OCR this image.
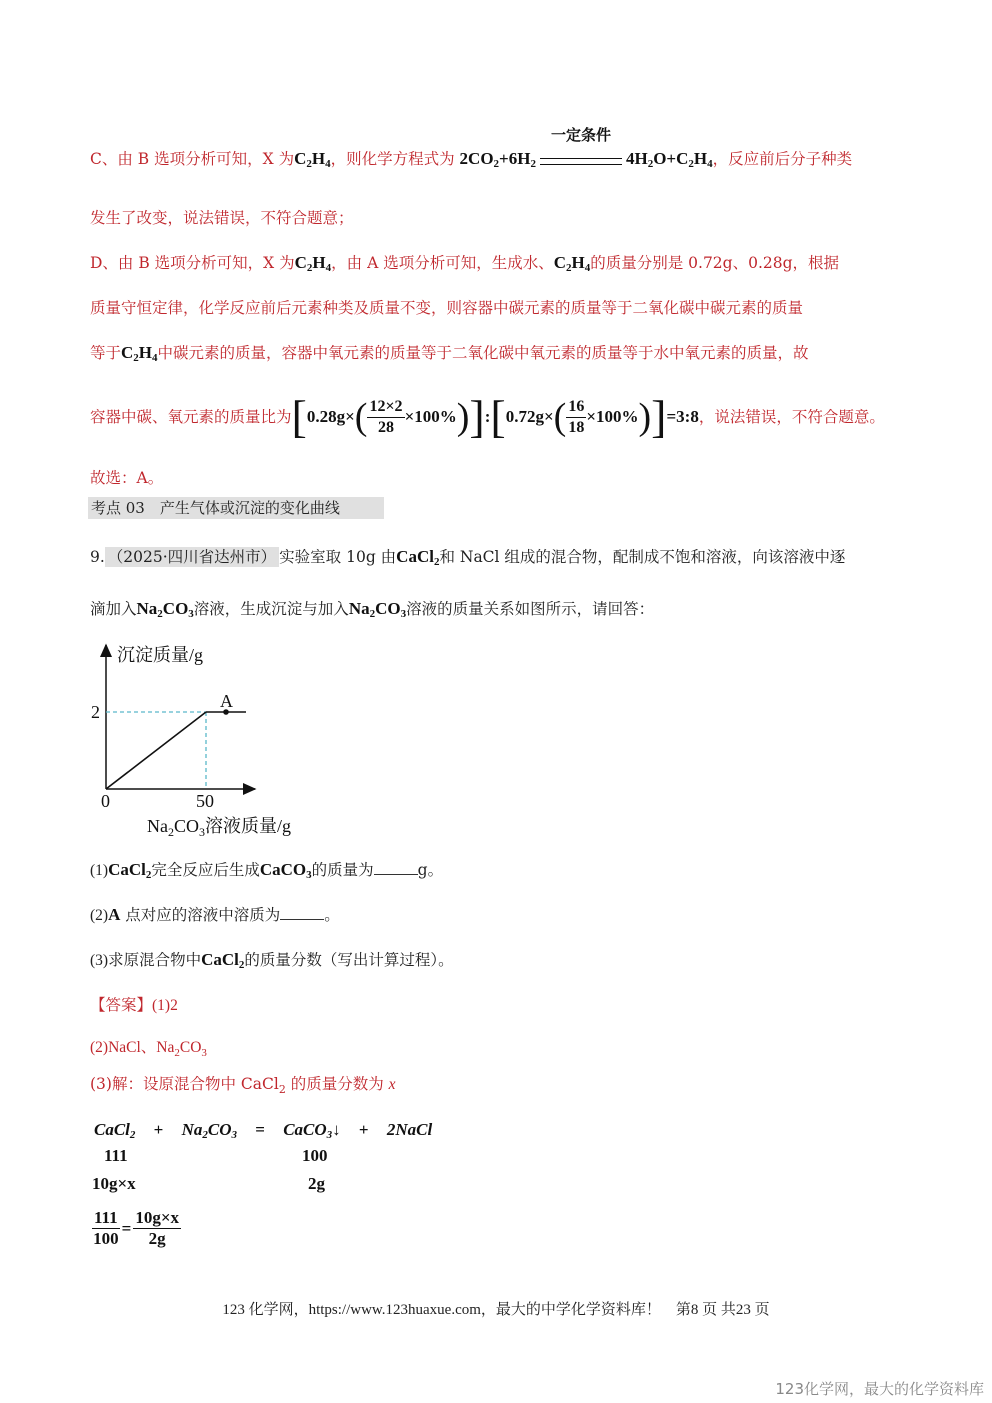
C、由 B 选项分析可知，X 为$C_2H_4$，则化学方程式为 $2CO_2+6H_2$
一定条件
$4H_2O+C_2H_4$，反应前后分子种类
发生了改变，说法错误，不符合题意；
D、由 B 选项分析可知，X 为$C_2H_4$，由 A 选项分析可知，生成水、$C_2H_4$的质量分别是 0.72g、0.28g，根据
质量守恒定律，化学反应前后元素种类及质量不变，则容器中碳元素的质量等于二氧化碳中碳元素的质量
等于$C_2H_4$中碳元素的质量，容器中氧元素的质量等于二氧化碳中氧元素的质量等于水中氧元素的质量，故
容器中碳、氧元素的质量比为[$0.28g\times( \frac{12\times 2}{28}$ ×100%)]:[0.72g×( $\frac{16}{18}$ ×100%)]=3:8，说法错误，不符合题意。
故选：A。
考点 03　产生气体或沉淀的变化曲线
9. （2025·四川省达州市） 实验室取 10g 由CaCl$_2$和 NaCl 组成的混合物，配制成不饱和溶液，向该溶液中逐
滴加入$Na_2CO_3$溶液，生成沉淀与加入$Na_2CO_3$溶液的质量关系如图所示，请回答：
沉淀质量/g
A
0	50
2
$Na_2CO_3$溶液质量/g
(1)CaCl$_2$完全反应后生成CaCO$_3$的质量为	g。
(2)A 点对应的溶液中溶质为	。
(3)求原混合物中CaCl$_2$的质量分数（写出计算过程）。
【答案】(1)2
(2)NaCl、$Na_2CO_3$
(3)解：设原混合物中 CaCl$_2$ 的质量分数为 x
CaCl$_2$ + $Na_2CO_3$ = CaCO$_3$↓ + 2NaCl
111	100
10g×x	2g
$\frac{111}{100} = \frac{10g\times x}{2g}$
123 化学网，https://www.123huaxue.com，最大的中学化学资料库！　第8 页 共23 页
123化学网，最大的化学资料库
